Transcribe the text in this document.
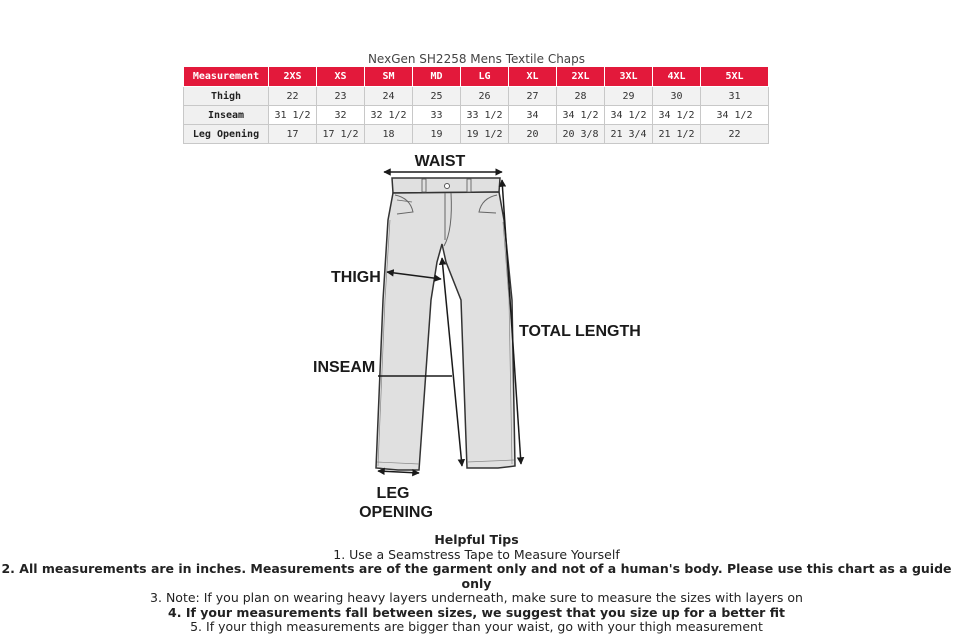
NexGen SH2258 Mens Textile Chaps
Measurement	2XS	XS	SM	MD	LG	XL	2XL	3XL	4XL	5XL
Thigh	22	23	24	25	26	27	28	29	30	31
Inseam	31 1/2	32	32 1/2	33	33 1/2	34	34 1/2	34 1/2	34 1/2	34 1/2
Leg Opening	17	17 1/2	18	19	19 1/2	20	20 3/8	21 3/4	21 1/2	22
WAIST
THIGH
INSEAM
TOTAL LENGTH
LEG
OPENING
Helpful Tips
1. Use a Seamstress Tape to Measure Yourself
2. All measurements are in inches. Measurements are of the garment only and not of a human's body. Please use this chart as a guide only
3. Note: If you plan on wearing heavy layers underneath, make sure to measure the sizes with layers on
4. If your measurements fall between sizes, we suggest that you size up for a better fit
5. If your thigh measurements are bigger than your waist, go with your thigh measurement
